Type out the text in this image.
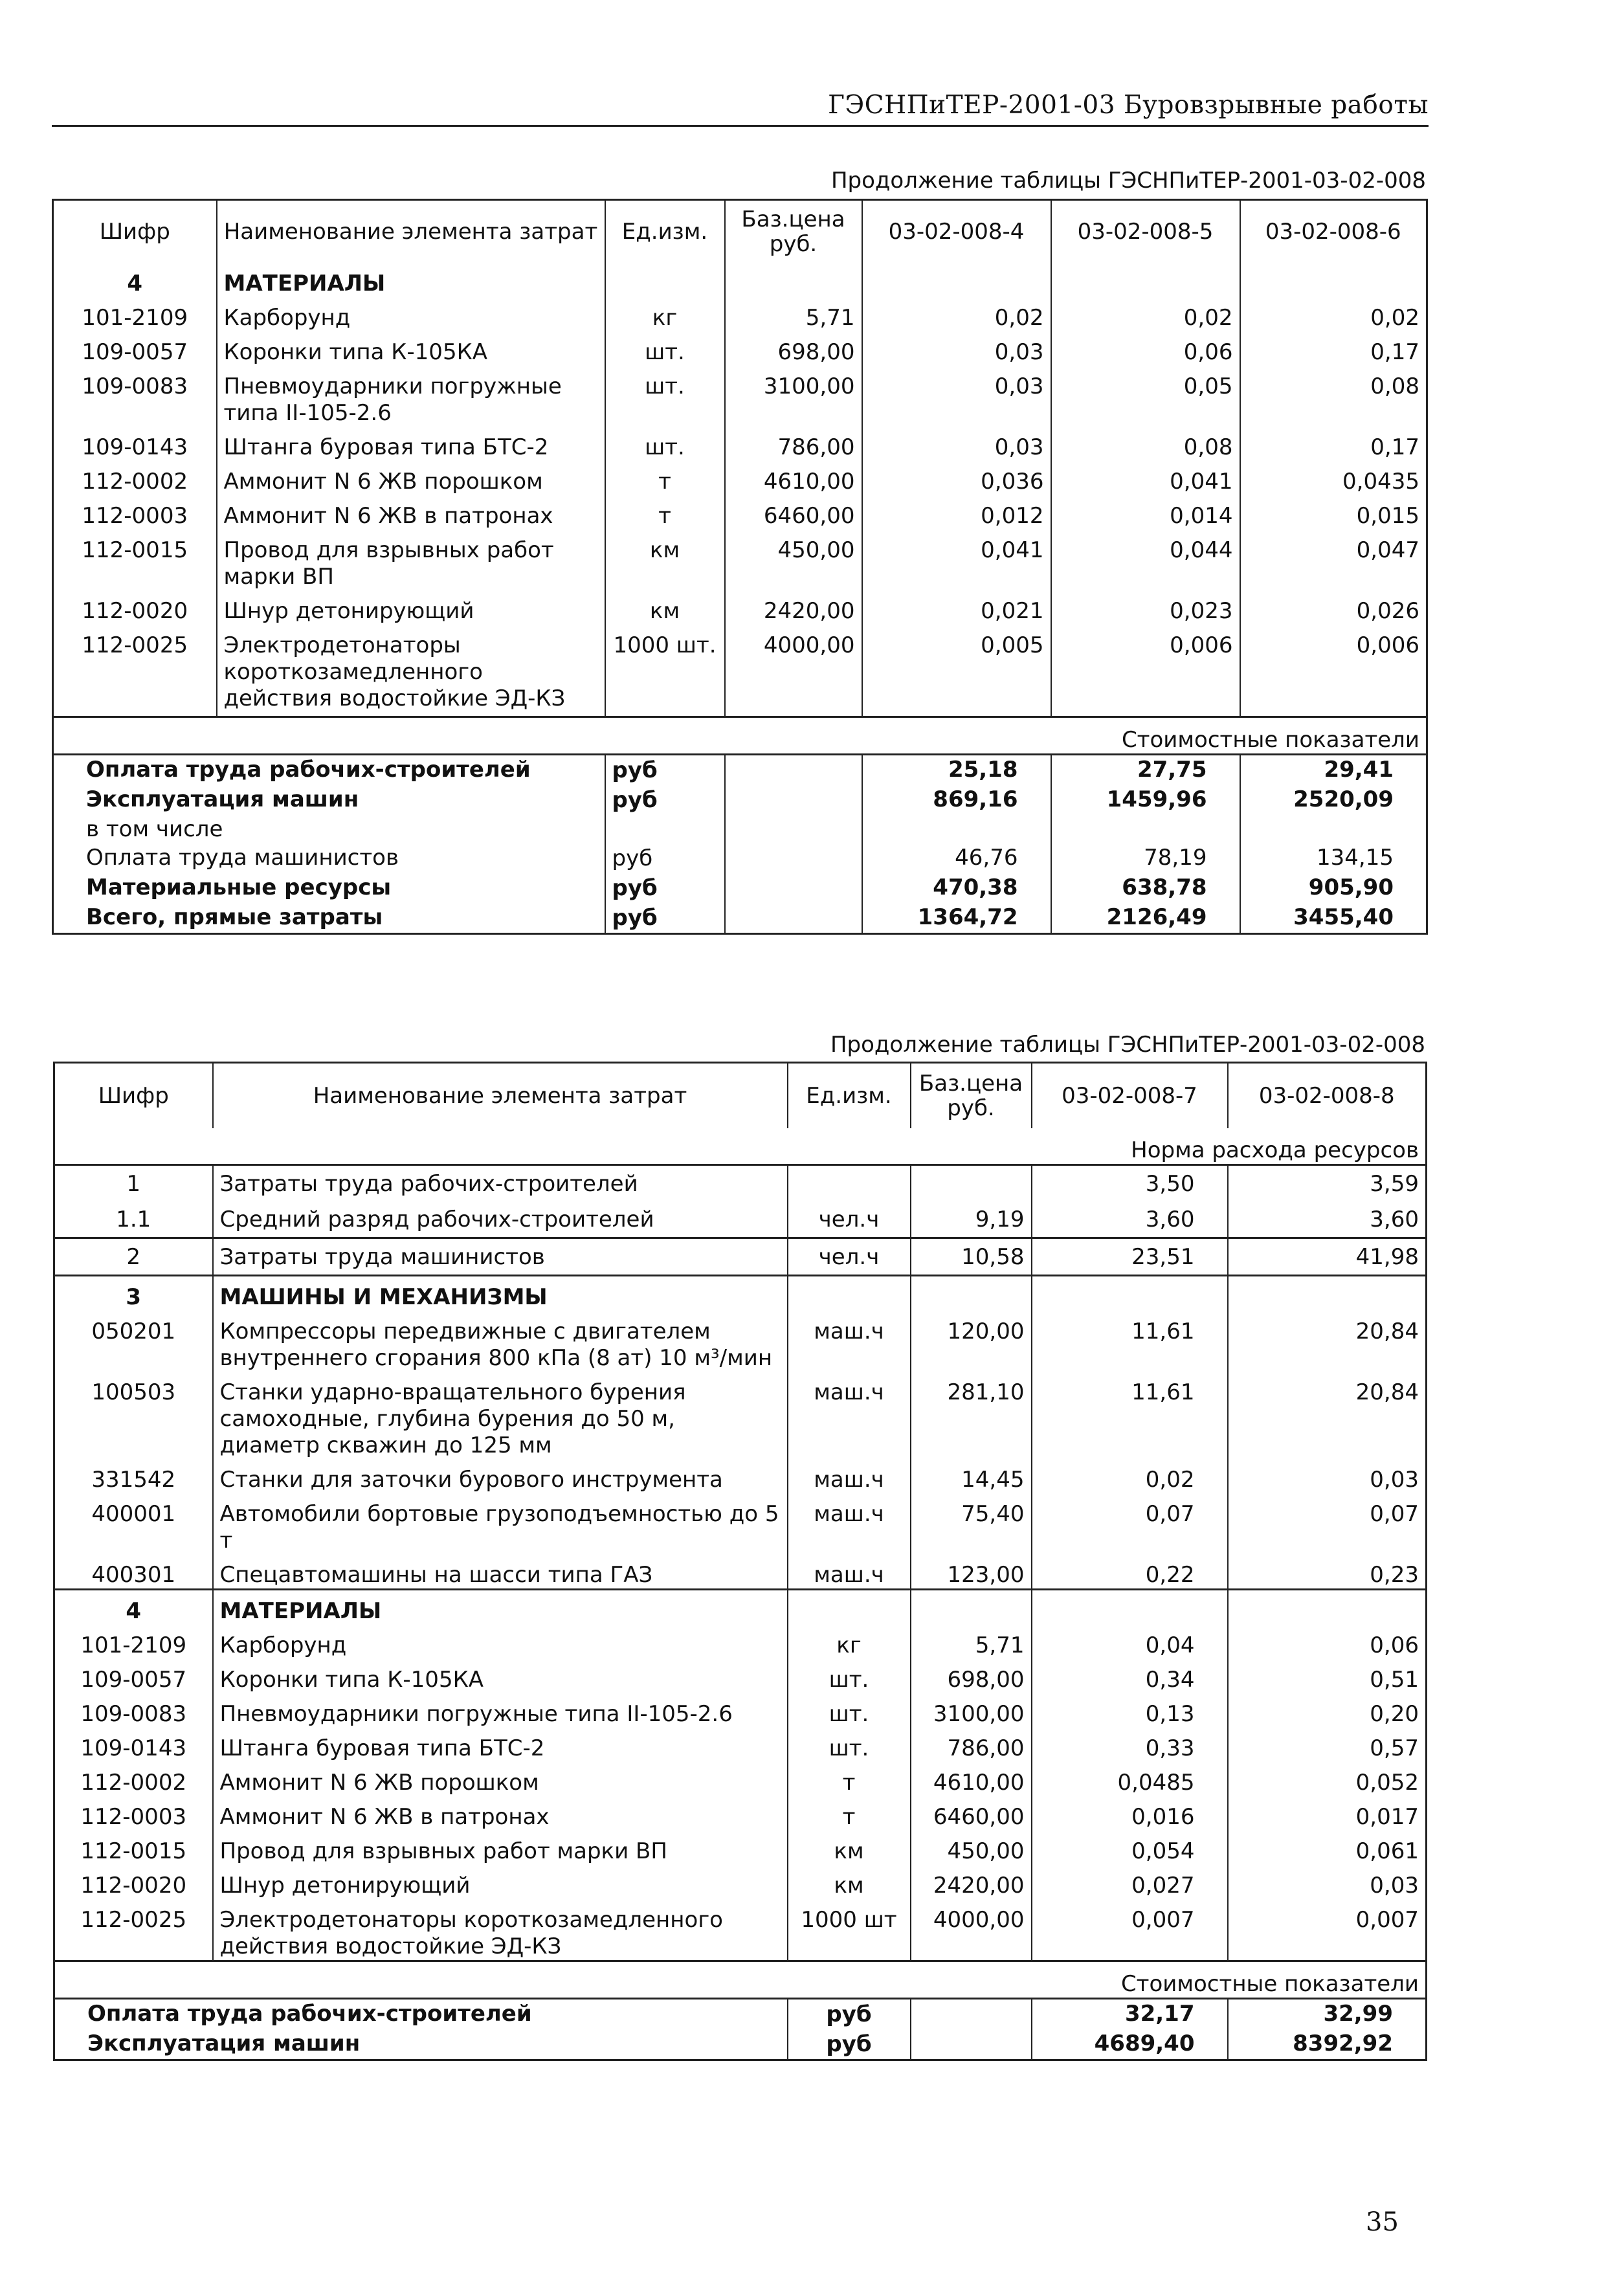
ГЭСНПиТЕР-2001-03 Буровзрывные работы
Продолжение таблицы ГЭСНПиТЕР-2001-03-02-008
Шифр	Наименование элемента затрат	Ед.изм.	Баз.цена руб.	03-02-008-4	03-02-008-5	03-02-008-6
4	МАТЕРИАЛЫ					
101-2109	Карборунд	кг	5,71	0,02	0,02	0,02
109-0057	Коронки типа К-105КА	шт.	698,00	0,03	0,06	0,17
109-0083	Пневмоударники погружные типа II-105-2.6	шт.	3100,00	0,03	0,05	0,08
109-0143	Штанга буровая типа БТС-2	шт.	786,00	0,03	0,08	0,17
112-0002	Аммонит N 6 ЖВ порошком	т	4610,00	0,036	0,041	0,0435
112-0003	Аммонит N 6 ЖВ в патронах	т	6460,00	0,012	0,014	0,015
112-0015	Провод для взрывных работ марки ВП	км	450,00	0,041	0,044	0,047
112-0020	Шнур детонирующий	км	2420,00	0,021	0,023	0,026
112-0025	Электродетонаторы короткозамедленного действия водостойкие ЭД-КЗ	1000 шт.	4000,00	0,005	0,006	0,006
Стоимостные показатели						
Оплата труда рабочих-строителей		руб		25,18	27,75	29,41
Эксплуатация машин		руб		869,16	1459,96	2520,09
в том числе						
Оплата труда машинистов		руб		46,76	78,19	134,15
Материальные ресурсы		руб		470,38	638,78	905,90
Всего, прямые затраты		руб		1364,72	2126,49	3455,40
Продолжение таблицы ГЭСНПиТЕР-2001-03-02-008
Шифр	Наименование элемента затрат	Ед.изм.	Баз.цена руб.	03-02-008-7	03-02-008-8
Норма расхода ресурсов					
1	Затраты труда рабочих-строителей			3,50	3,59
1.1	Средний разряд рабочих-строителей	чел.ч	9,19	3,60	3,60
2	Затраты труда машинистов	чел.ч	10,58	23,51	41,98
3	МАШИНЫ И МЕХАНИЗМЫ				
050201	Компрессоры передвижные с двигателем внутреннего сгорания 800 кПа (8 ат) 10 м³/мин	маш.ч	120,00	11,61	20,84
100503	Станки ударно-вращательного бурения самоходные, глубина бурения до 50 м, диаметр скважин до 125 мм	маш.ч	281,10	11,61	20,84
331542	Станки для заточки бурового инструмента	маш.ч	14,45	0,02	0,03
400001	Автомобили бортовые грузоподъемностью до 5 т	маш.ч	75,40	0,07	0,07
400301	Спецавтомашины на шасси типа ГАЗ	маш.ч	123,00	0,22	0,23
4	МАТЕРИАЛЫ				
101-2109	Карборунд	кг	5,71	0,04	0,06
109-0057	Коронки типа К-105КА	шт.	698,00	0,34	0,51
109-0083	Пневмоударники погружные типа II-105-2.6	шт.	3100,00	0,13	0,20
109-0143	Штанга буровая типа БТС-2	шт.	786,00	0,33	0,57
112-0002	Аммонит N 6 ЖВ порошком	т	4610,00	0,0485	0,052
112-0003	Аммонит N 6 ЖВ в патронах	т	6460,00	0,016	0,017
112-0015	Провод для взрывных работ марки ВП	км	450,00	0,054	0,061
112-0020	Шнур детонирующий	км	2420,00	0,027	0,03
112-0025	Электродетонаторы короткозамедленного действия водостойкие ЭД-КЗ	1000 шт	4000,00	0,007	0,007
Стоимостные показатели					
Оплата труда рабочих-строителей		руб		32,17	32,99
Эксплуатация машин		руб		4689,40	8392,92
35
